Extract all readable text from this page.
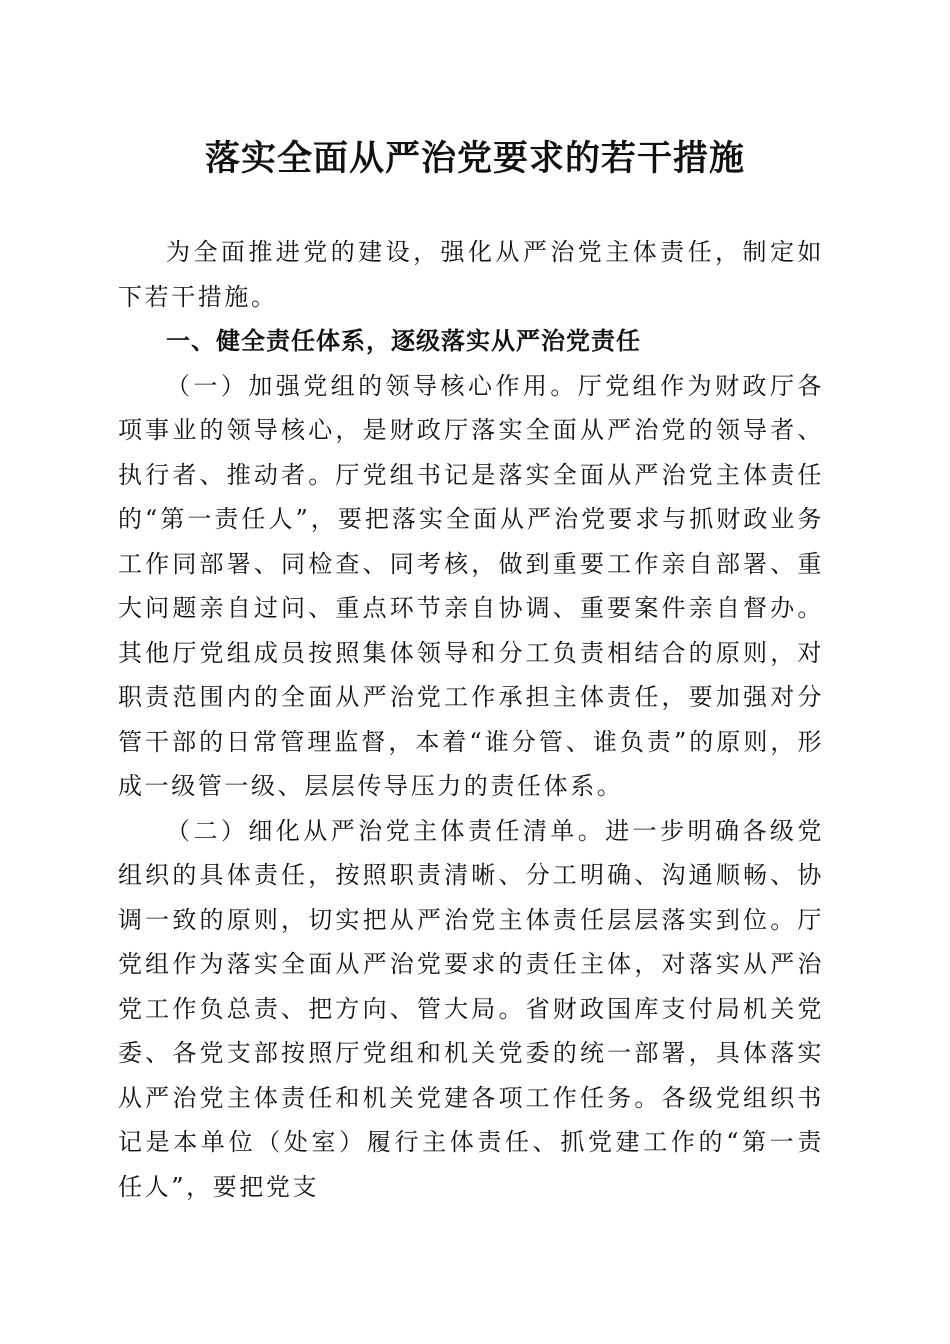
落实全面从严治党要求的若干措施

为全面推进党的建设，强化从严治党主体责任，制定如下若干措施。

一、健全责任体系，逐级落实从严治党责任

（一）加强党组的领导核心作用。厅党组作为财政厅各项事业的领导核心，是财政厅落实全面从严治党的领导者、执行者、推动者。厅党组书记是落实全面从严治党主体责任的“第一责任人”，要把落实全面从严治党要求与抓财政业务工作同部署、同检查、同考核，做到重要工作亲自部署、重大问题亲自过问、重点环节亲自协调、重要案件亲自督办。其他厅党组成员按照集体领导和分工负责相结合的原则，对职责范围内的全面从严治党工作承担主体责任，要加强对分管干部的日常管理监督，本着“谁分管、谁负责”的原则，形成一级管一级、层层传导压力的责任体系。

（二）细化从严治党主体责任清单。进一步明确各级党组织的具体责任，按照职责清晰、分工明确、沟通顺畅、协调一致的原则，切实把从严治党主体责任层层落实到位。厅党组作为落实全面从严治党要求的责任主体，对落实从严治党工作负总责、把方向、管大局。省财政国库支付局机关党委、各党支部按照厅党组和机关党委的统一部署，具体落实从严治党主体责任和机关党建各项工作任务。各级党组织书记是本单位（处室）履行主体责任、抓党建工作的“第一责任人”，要把党支
